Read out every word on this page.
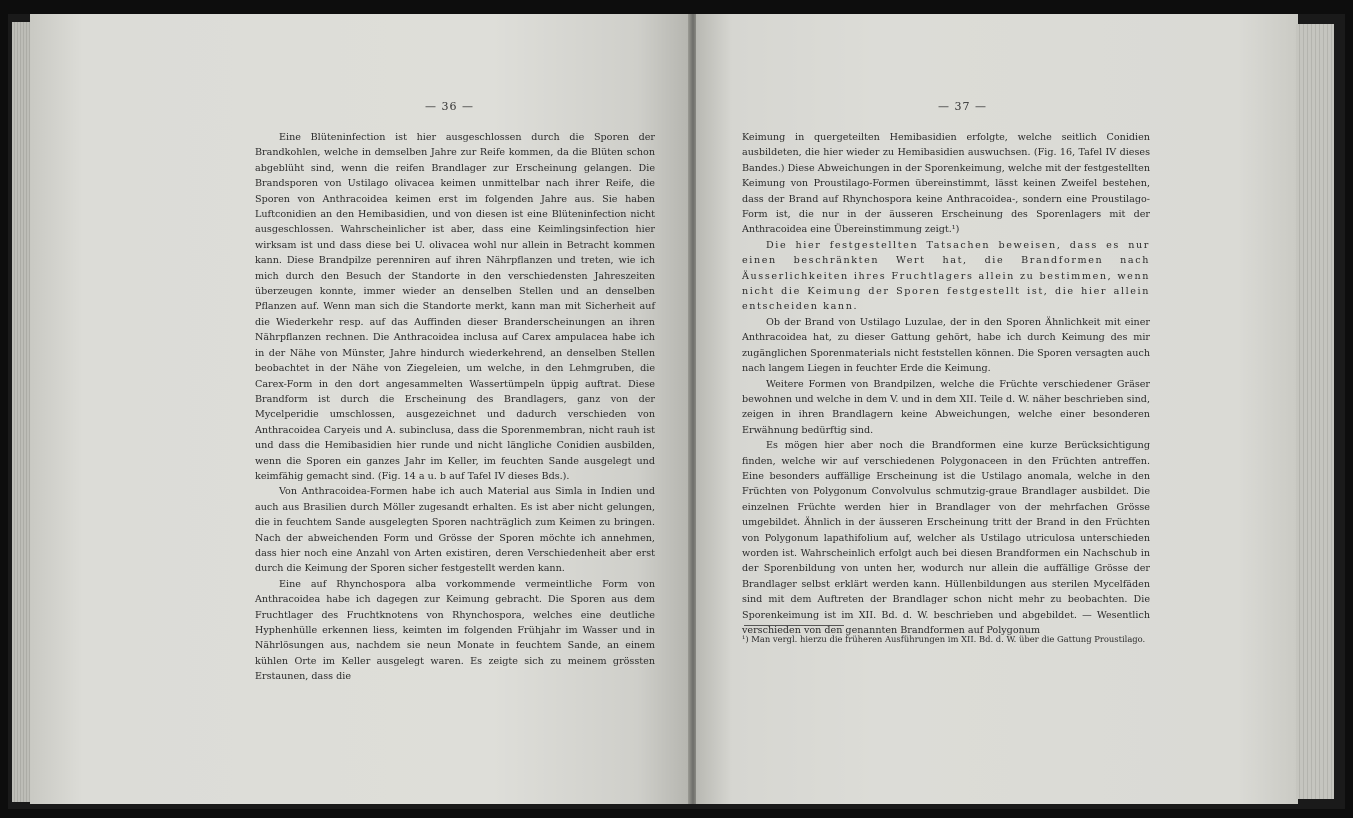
— 36 —

Eine Blüteninfection ist hier ausgeschlossen durch die Sporen der Brandkohlen, welche in demselben Jahre zur Reife kommen, da die Blüten schon abgeblüht sind, wenn die reifen Brandlager zur Erscheinung gelangen. Die Brandsporen von Ustilago olivacea keimen unmittelbar nach ihrer Reife, die Sporen von Anthracoidea keimen erst im folgenden Jahre aus. Sie haben Luftconidien an den Hemibasidien, und von diesen ist eine Blüteninfection nicht ausgeschlossen. Wahrscheinlicher ist aber, dass eine Keimlingsinfection hier wirksam ist und dass diese bei U. olivacea wohl nur allein in Betracht kommen kann. Diese Brandpilze perenniren auf ihren Nährpflanzen und treten, wie ich mich durch den Besuch der Standorte in den verschiedensten Jahreszeiten überzeugen konnte, immer wieder an denselben Stellen und an denselben Pflanzen auf. Wenn man sich die Standorte merkt, kann man mit Sicherheit auf die Wiederkehr resp. auf das Auffinden dieser Branderscheinungen an ihren Nährpflanzen rechnen. Die Anthracoidea inclusa auf Carex ampulacea habe ich in der Nähe von Münster, Jahre hindurch wiederkehrend, an denselben Stellen beobachtet in der Nähe von Ziegeleien, um welche, in den Lehmgruben, die Carex-Form in den dort angesammelten Wassertümpeln üppig auftrat. Diese Brandform ist durch die Erscheinung des Brandlagers, ganz von der Mycelperidie umschlossen, ausgezeichnet und dadurch verschieden von Anthracoidea Caryeis und A. subinclusa, dass die Sporenmembran, nicht rauh ist und dass die Hemibasidien hier runde und nicht längliche Conidien ausbilden, wenn die Sporen ein ganzes Jahr im Keller, im feuchten Sande ausgelegt und keimfähig gemacht sind. (Fig. 14 a u. b auf Tafel IV dieses Bds.).

Von Anthracoidea-Formen habe ich auch Material aus Simla in Indien und auch aus Brasilien durch Möller zugesandt erhalten. Es ist aber nicht gelungen, die in feuchtem Sande ausgelegten Sporen nachträglich zum Keimen zu bringen. Nach der abweichenden Form und Grösse der Sporen möchte ich annehmen, dass hier noch eine Anzahl von Arten existiren, deren Verschiedenheit aber erst durch die Keimung der Sporen sicher festgestellt werden kann.

Eine auf Rhynchospora alba vorkommende vermeintliche Form von Anthracoidea habe ich dagegen zur Keimung gebracht. Die Sporen aus dem Fruchtlager des Fruchtknotens von Rhynchospora, welches eine deutliche Hyphenhülle erkennen liess, keimten im folgenden Frühjahr im Wasser und in Nährlösungen aus, nachdem sie neun Monate in feuchtem Sande, an einem kühlen Orte im Keller ausgelegt waren. Es zeigte sich zu meinem grössten Erstaunen, dass die

— 37 —

Keimung in quergeteilten Hemibasidien erfolgte, welche seitlich Conidien ausbildeten, die hier wieder zu Hemibasidien auswuchsen. (Fig. 16, Tafel IV dieses Bandes.) Diese Abweichungen in der Sporenkeimung, welche mit der festgestellten Keimung von Proustilago-Formen übereinstimmt, lässt keinen Zweifel bestehen, dass der Brand auf Rhynchospora keine Anthracoidea-, sondern eine Proustilago-Form ist, die nur in der äusseren Erscheinung des Sporenlagers mit der Anthracoidea eine Übereinstimmung zeigt.¹)

Die hier festgestellten Tatsachen beweisen, dass es nur einen beschränkten Wert hat, die Brandformen nach Äusserlichkeiten ihres Fruchtlagers allein zu bestimmen, wenn nicht die Keimung der Sporen festgestellt ist, die hier allein entscheiden kann.

Ob der Brand von Ustilago Luzulae, der in den Sporen Ähnlichkeit mit einer Anthracoidea hat, zu dieser Gattung gehört, habe ich durch Keimung des mir zugänglichen Sporenmaterials nicht feststellen können. Die Sporen versagten auch nach langem Liegen in feuchter Erde die Keimung.

Weitere Formen von Brandpilzen, welche die Früchte verschiedener Gräser bewohnen und welche in dem V. und in dem XII. Teile d. W. näher beschrieben sind, zeigen in ihren Brandlagern keine Abweichungen, welche einer besonderen Erwähnung bedürftig sind.

Es mögen hier aber noch die Brandformen eine kurze Berücksichtigung finden, welche wir auf verschiedenen Polygonaceen in den Früchten antreffen. Eine besonders auffällige Erscheinung ist die Ustilago anomala, welche in den Früchten von Polygonum Convolvulus schmutzig-graue Brandlager ausbildet. Die einzelnen Früchte werden hier in Brandlager von der mehrfachen Grösse umgebildet. Ähnlich in der äusseren Erscheinung tritt der Brand in den Früchten von Polygonum lapathifolium auf, welcher als Ustilago utriculosa unterschieden worden ist. Wahrscheinlich erfolgt auch bei diesen Brandformen ein Nachschub in der Sporenbildung von unten her, wodurch nur allein die auffällige Grösse der Brandlager selbst erklärt werden kann. Hüllenbildungen aus sterilen Mycelfäden sind mit dem Auftreten der Brandlager schon nicht mehr zu beobachten. Die Sporenkeimung ist im XII. Bd. d. W. beschrieben und abgebildet. — Wesentlich verschieden von den genannten Brandformen auf Polygonum

¹) Man vergl. hierzu die früheren Ausführungen im XII. Bd. d. W. über die Gattung Proustilago.
